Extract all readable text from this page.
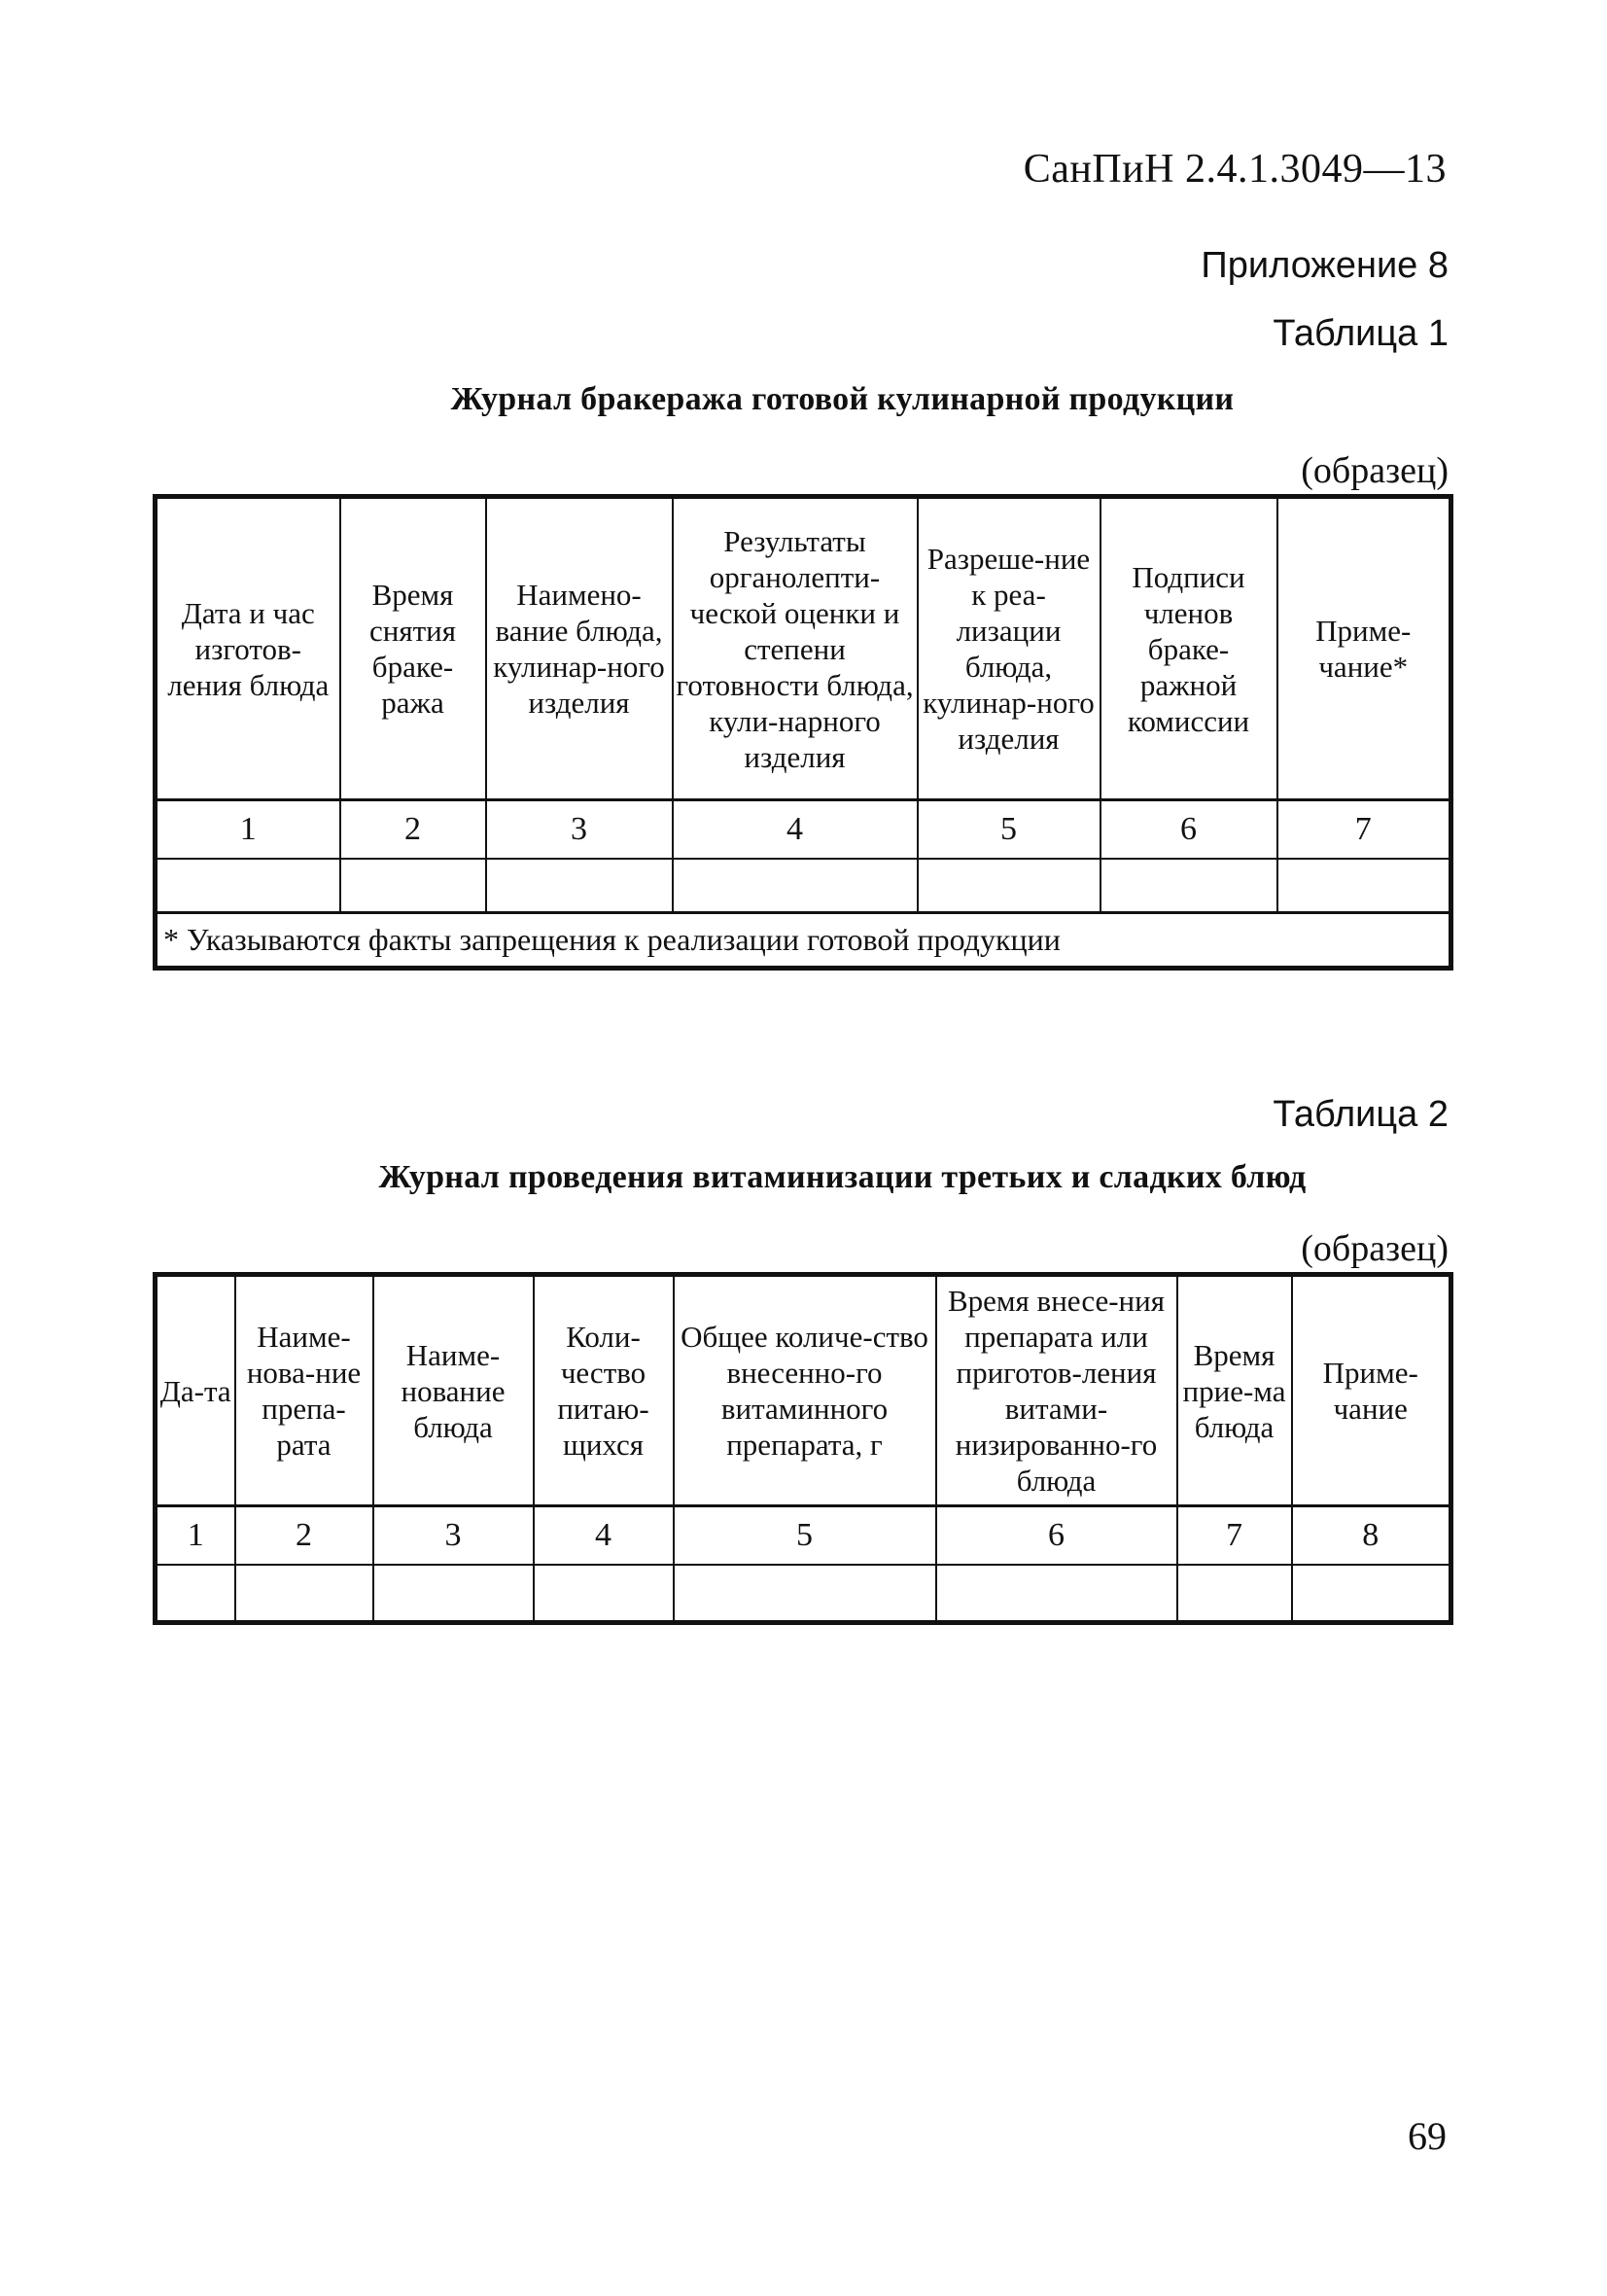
СанПиН 2.4.1.3049—13
Приложение 8
Таблица 1
Журнал бракеража готовой кулинарной продукции
(образец)
Дата и час изготов-ления блюда	Время снятия браке-ража	Наимено-вание блюда, кулинар-ного изделия	Результаты органолепти-ческой оценки и степени готовности блюда, кули-нарного изделия	Разреше-ние к реа-лизации блюда, кулинар-ного изделия	Подписи членов браке-ражной комиссии	Приме-чание*
1	2	3	4	5	6	7

* Указываются факты запрещения к реализации готовой продукции						
Таблица 2
Журнал проведения витаминизации третьих и сладких блюд
(образец)
Да-та	Наиме-нова-ние препа-рата	Наиме-нование блюда	Коли-чество питаю-щихся	Общее количе-ство внесенно-го витаминного препарата, г	Время внесе-ния препарата или приготов-ления витами-низированно-го блюда	Время прие-ма блюда	Приме-чание
1	2	3	4	5	6	7	8

69
